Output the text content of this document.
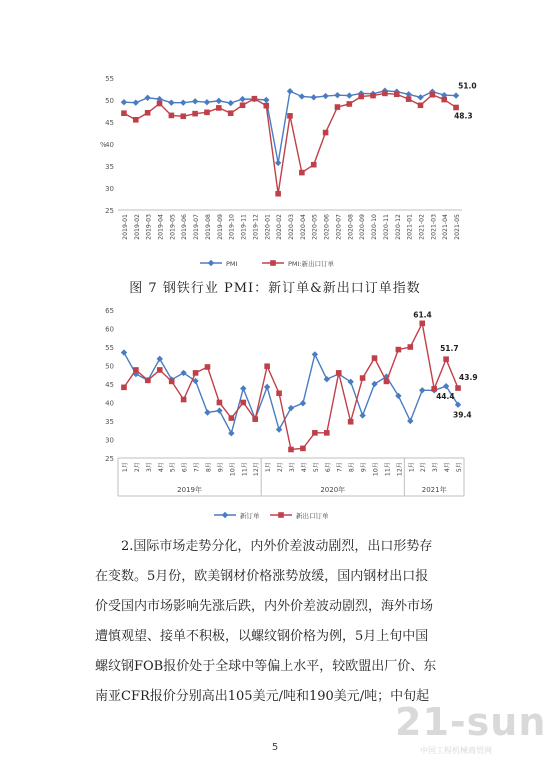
25
30
35
40
45
50
55
%
2019-01 2019-02 2019-03 2019-04 2019-05 2019-06 2019-07 2019-08 2019-09 2019-10 2019-11 2019-12 2020-01 2020-02 2020-03 2020-04 2020-05 2020-06 2020-07 2020-08 2020-09 2020-10 2020-11 2020-12 2021-01 2021-02 2021-03 2021-04 2021-05
51.0
48.3
PMI	PMI:新出口订单
图 7 钢铁行业 PMI：新订单&新出口订单指数
25
30
35
40
45
50
55
60
65
1月 2月 3月 4月 5月 6月 7月 8月 9月 10月 11月 12月 1月 2月 3月 4月 5月 6月 7月 8月 9月 10月 11月 12月 1月 2月 3月 4月 5月
2019年	2020年	2021年
61.4
51.7
43.9
44.4
39.4
新订单	新出口订单
2.国际市场走势分化，内外价差波动剧烈，出口形势存
在变数。5月份，欧美钢材价格涨势放缓，国内钢材出口报
价受国内市场影响先涨后跌，内外价差波动剧烈，海外市场
遭慎观望、接单不积极，以螺纹钢价格为例，5月上旬中国
螺纹钢FOB报价处于全球中等偏上水平，较欧盟出厂价、东
南亚CFR报价分别高出105美元/吨和190美元/吨；中旬起
5
21-sun
中国工程机械商贸网
